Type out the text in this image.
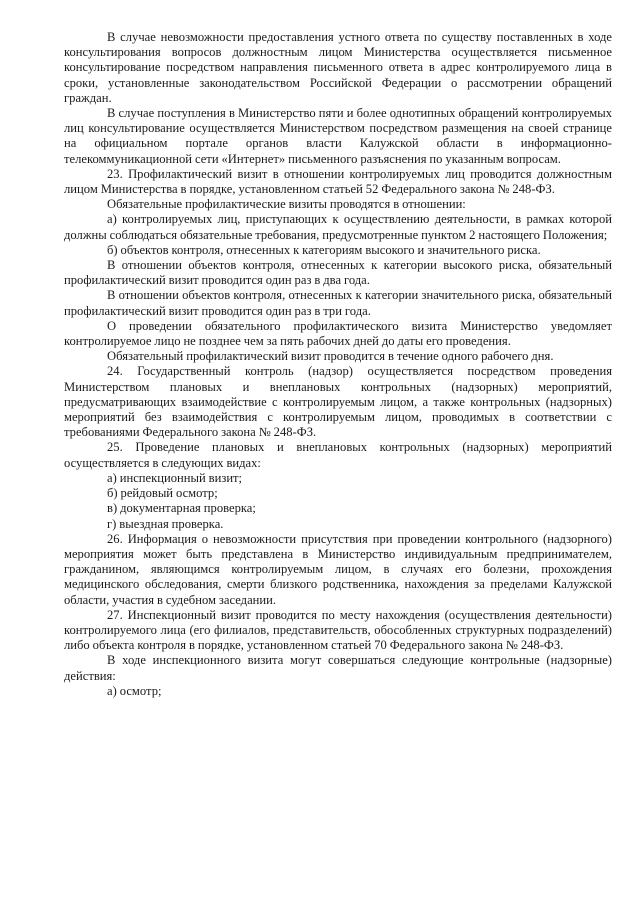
В случае невозможности предоставления устного ответа по существу поставленных в ходе консультирования вопросов должностным лицом Министерства осуществляется письменное консультирование посредством направления письменного ответа в адрес контролируемого лица в сроки, установленные законодательством Российской Федерации о рассмотрении обращений граждан.

В случае поступления в Министерство пяти и более однотипных обращений контролируемых лиц консультирование осуществляется Министерством посредством размещения на своей странице на официальном портале органов власти Калужской области в информационно-телекоммуникационной сети «Интернет» письменного разъяснения по указанным вопросам.

23. Профилактический визит в отношении контролируемых лиц проводится должностным лицом Министерства в порядке, установленном статьей 52 Федерального закона № 248-ФЗ.

Обязательные профилактические визиты проводятся в отношении:

а) контролируемых лиц, приступающих к осуществлению деятельности, в рамках которой должны соблюдаться обязательные требования, предусмотренные пунктом 2 настоящего Положения;

б) объектов контроля, отнесенных к категориям высокого и значительного риска.

В отношении объектов контроля, отнесенных к категории высокого риска, обязательный профилактический визит проводится один раз в два года.

В отношении объектов контроля, отнесенных к категории значительного риска, обязательный профилактический визит проводится один раз в три года.

О проведении обязательного профилактического визита Министерство уведомляет контролируемое лицо не позднее чем за пять рабочих дней до даты его проведения.

Обязательный профилактический визит проводится в течение одного рабочего дня.

24. Государственный контроль (надзор) осуществляется посредством проведения Министерством плановых и внеплановых контрольных (надзорных) мероприятий, предусматривающих взаимодействие с контролируемым лицом, а также контрольных (надзорных) мероприятий без взаимодействия с контролируемым лицом, проводимых в соответствии с требованиями Федерального закона № 248-ФЗ.

25. Проведение плановых и внеплановых контрольных (надзорных) мероприятий осуществляется в следующих видах:

а) инспекционный визит;

б) рейдовый осмотр;

в) документарная проверка;

г) выездная проверка.

26. Информация о невозможности присутствия при проведении контрольного (надзорного) мероприятия может быть представлена в Министерство индивидуальным предпринимателем, гражданином, являющимся контролируемым лицом, в случаях его болезни, прохождения медицинского обследования, смерти близкого родственника, нахождения за пределами Калужской области, участия в судебном заседании.

27. Инспекционный визит проводится по месту нахождения (осуществления деятельности) контролируемого лица (его филиалов, представительств, обособленных структурных подразделений) либо объекта контроля в порядке, установленном статьей 70 Федерального закона № 248-ФЗ.

В ходе инспекционного визита могут совершаться следующие контрольные (надзорные) действия:

а) осмотр;
